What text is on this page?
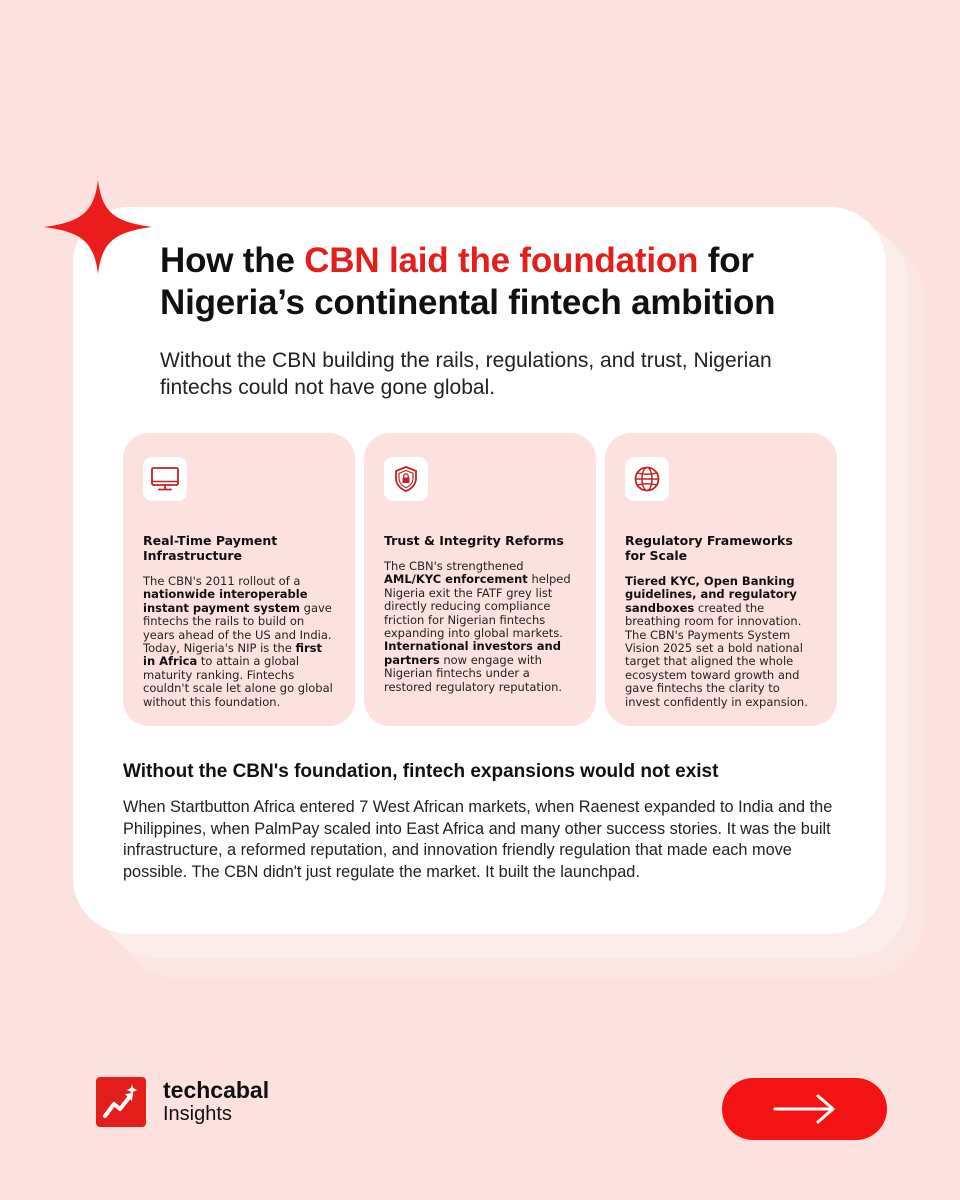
How the CBN laid the foundation for Nigeria’s continental fintech ambition

Without the CBN building the rails, regulations, and trust, Nigerian fintechs could not have gone global.

Real-Time Payment Infrastructure
The CBN's 2011 rollout of a nationwide interoperable instant payment system gave fintechs the rails to build on years ahead of the US and India. Today, Nigeria's NIP is the first in Africa to attain a global maturity ranking. Fintechs couldn't scale let alone go global without this foundation.
Trust & Integrity Reforms
The CBN's strengthened AML/KYC enforcement helped Nigeria exit the FATF grey list directly reducing compliance friction for Nigerian fintechs expanding into global markets. International investors and partners now engage with Nigerian fintechs under a restored regulatory reputation.
Regulatory Frameworks for Scale
Tiered KYC, Open Banking guidelines, and regulatory sandboxes created the breathing room for innovation. The CBN's Payments System Vision 2025 set a bold national target that aligned the whole ecosystem toward growth and gave fintechs the clarity to invest confidently in expansion.
Without the CBN's foundation, fintech expansions would not exist

When Startbutton Africa entered 7 West African markets, when Raenest expanded to India and the Philippines, when PalmPay scaled into East Africa and many other success stories. It was the built infrastructure, a reformed reputation, and innovation friendly regulation that made each move possible. The CBN didn't just regulate the market. It built the launchpad.

techcabal
Insights
